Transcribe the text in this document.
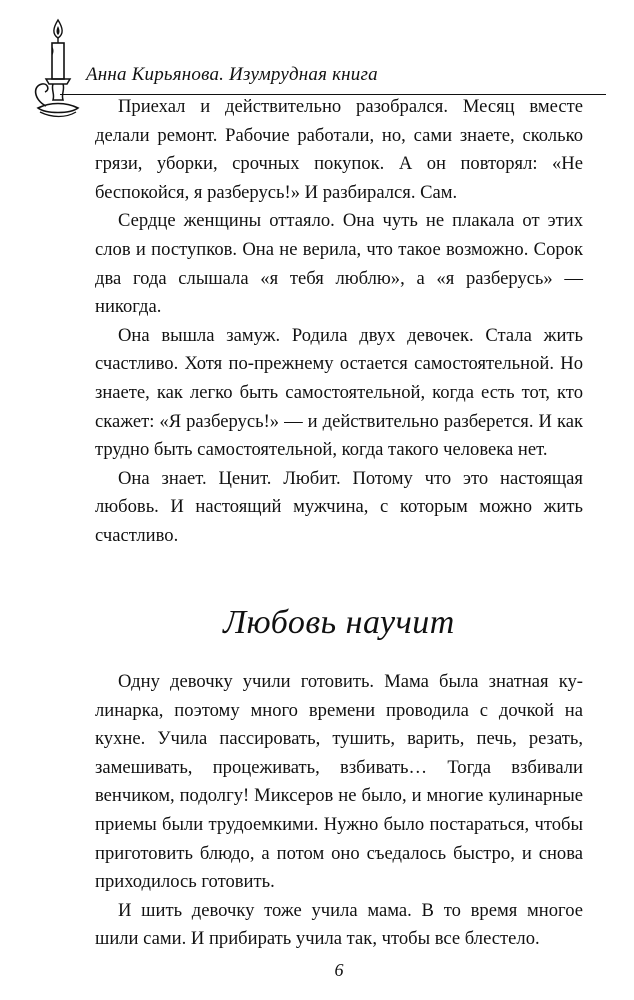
Анна Кирьянова. Изумрудная книга

Приехал и действительно разобрался. Месяц вместе делали ремонт. Рабочие работали, но, сами знаете, сколько грязи, уборки, срочных покупок. А он повторял: «Не беспокойся, я разберусь!» И разбирался. Сам.

Сердце женщины оттаяло. Она чуть не плакала от этих слов и поступков. Она не верила, что такое возможно. Сорок два года слышала «я тебя люблю», а «я разберусь» — никогда.

Она вышла замуж. Родила двух девочек. Стала жить счастливо. Хотя по-прежнему остается самостоятельной. Но знаете, как легко быть самостоятельной, когда есть тот, кто скажет: «Я разберусь!» — и действительно разберется. И как трудно быть самостоятельной, когда такого человека нет.

Она знает. Ценит. Любит. Потому что это настоящая любовь. И настоящий мужчина, с которым можно жить счастливо.

Любовь научит

Одну девочку учили готовить. Мама была знатная кулинарка, поэтому много времени проводила с дочкой на кухне. Учила пассировать, тушить, варить, печь, резать, замешивать, процеживать, взбивать… Тогда взбивали венчиком, подолгу! Миксеров не было, и многие кулинарные приемы были трудоемкими. Нужно было постараться, чтобы приготовить блюдо, а потом оно съедалось быстро, и снова приходилось готовить.

И шить девочку тоже учила мама. В то время многое шили сами. И прибирать учила так, чтобы все блестело.

6
